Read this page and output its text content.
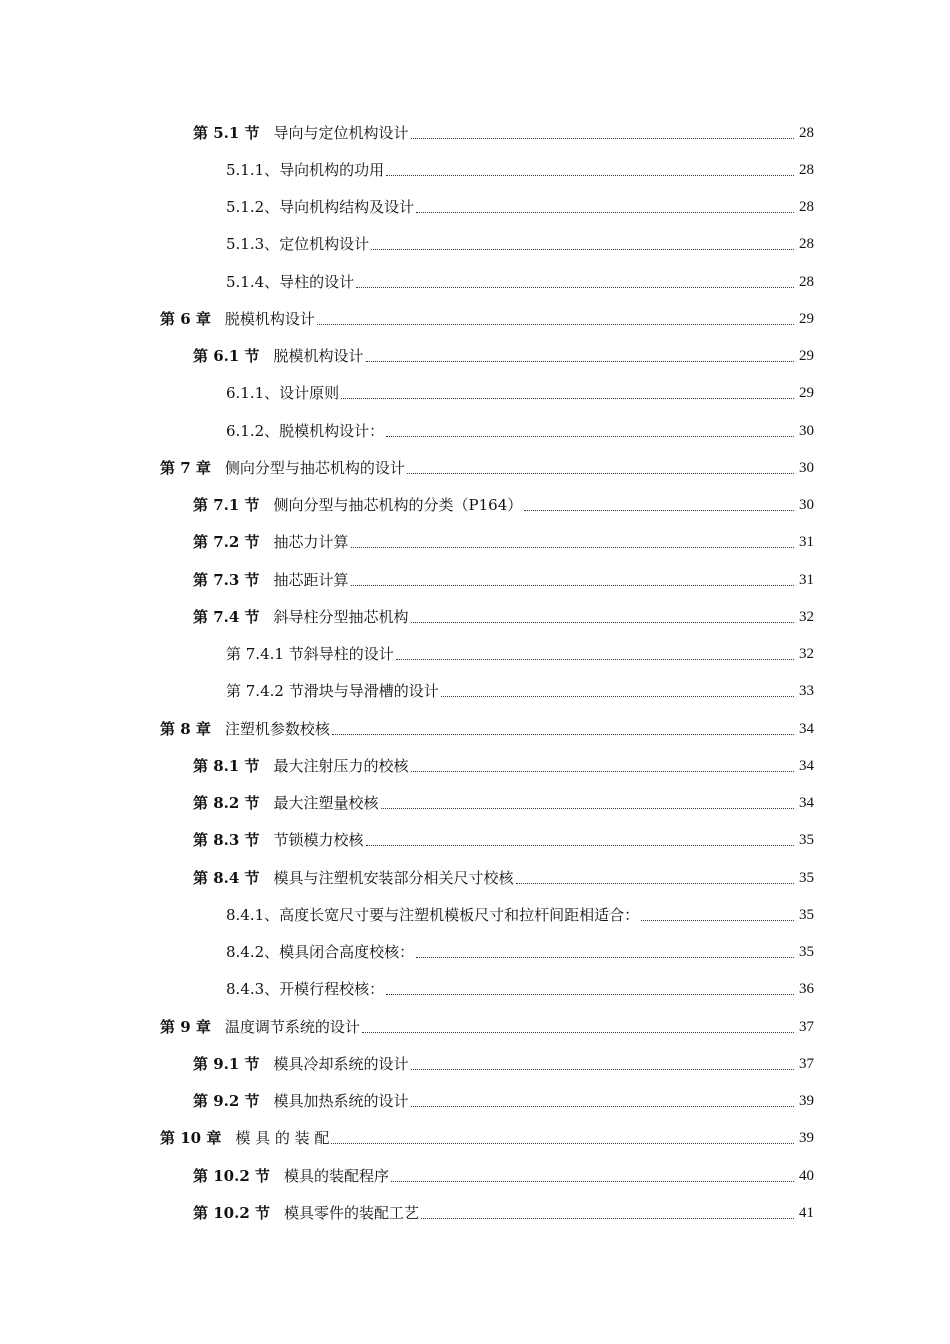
第 5.1 节 导向与定位机构设计	28
5.1.1、导向机构的功用	28
5.1.2、导向机构结构及设计	28
5.1.3、定位机构设计	28
5.1.4、导柱的设计	28
第 6 章 脱模机构设计	29
第 6.1 节 脱模机构设计	29
6.1.1、设计原则	29
6.1.2、脱模机构设计：	30
第 7 章 侧向分型与抽芯机构的设计	30
第 7.1 节 侧向分型与抽芯机构的分类（P164）	30
第 7.2 节 抽芯力计算	31
第 7.3 节 抽芯距计算	31
第 7.4 节 斜导柱分型抽芯机构	32
第 7.4.1 节斜导柱的设计	32
第 7.4.2 节滑块与导滑槽的设计	33
第 8 章 注塑机参数校核	34
第 8.1 节 最大注射压力的校核	34
第 8.2 节 最大注塑量校核	34
第 8.3 节 节锁模力校核	35
第 8.4 节 模具与注塑机安装部分相关尺寸校核	35
8.4.1、高度长宽尺寸要与注塑机模板尺寸和拉杆间距相适合：	35
8.4.2、模具闭合高度校核：	35
8.4.3、开模行程校核：	36
第 9 章 温度调节系统的设计	37
第 9.1 节 模具冷却系统的设计	37
第 9.2 节 模具加热系统的设计	39
第 10 章 模 具 的 装 配	39
第 10.2 节 模具的装配程序	40
第 10.2 节 模具零件的装配工艺	41
